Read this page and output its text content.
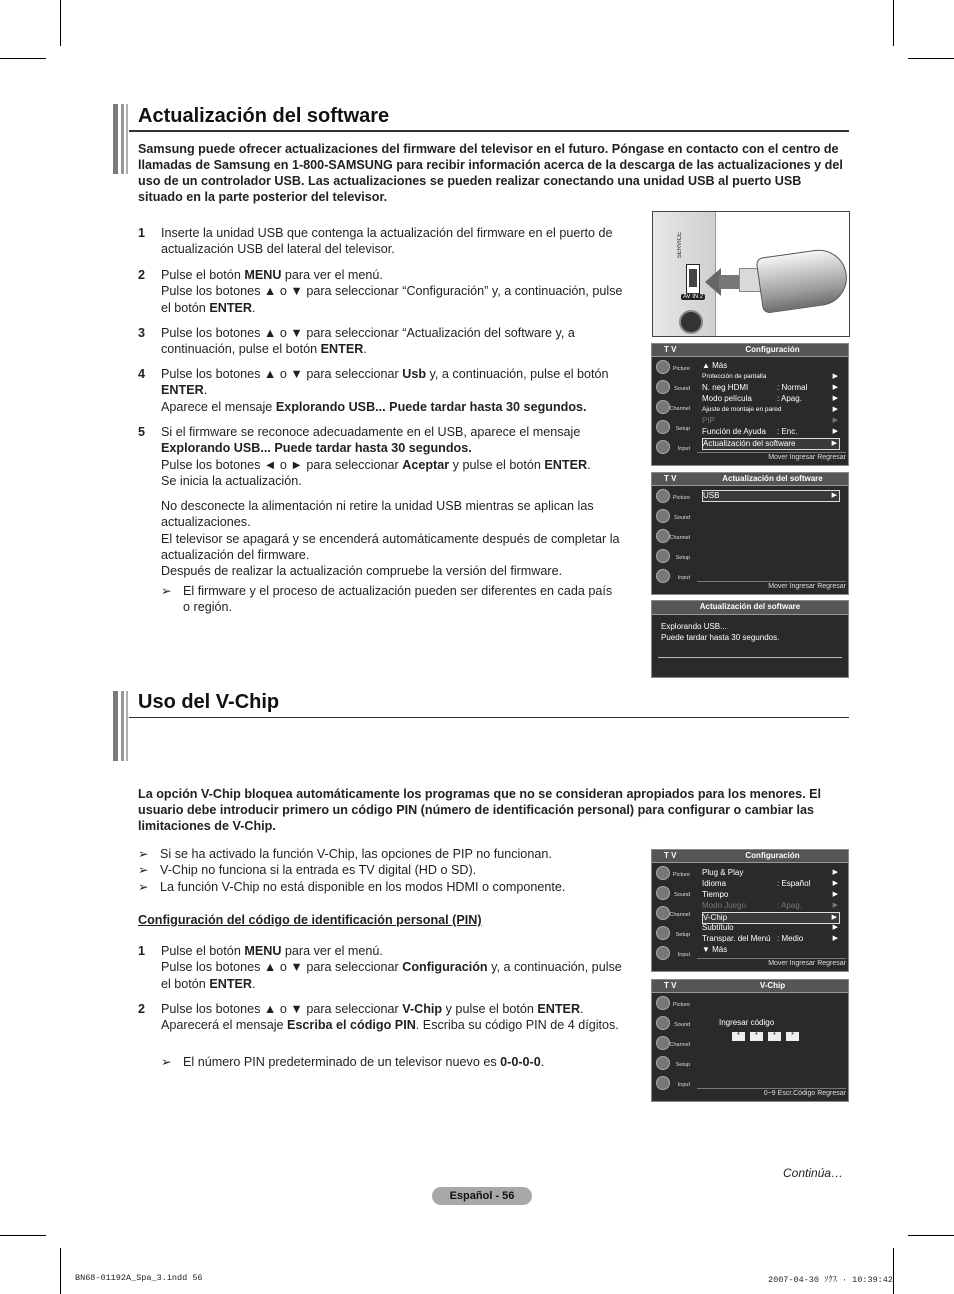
Actualización del software
Samsung puede ofrecer actualizaciones del firmware del televisor en el futuro. Póngase en contacto con el centro de llamadas de Samsung en 1-800-SAMSUNG para recibir información acerca de la descarga de las actualizaciones y del uso de un controlador USB. Las actualizaciones se pueden realizar conectando una unidad USB al puerto USB situado en la parte posterior del televisor.
1 Inserte la unidad USB que contenga la actualización del firmware en el puerto de actualización USB del lateral del televisor.
2 Pulse el botón MENU para ver el menú.
Pulse los botones ▲ o ▼ para seleccionar “Configuración” y, a continuación, pulse el botón ENTER.
3 Pulse los botones ▲ o ▼ para seleccionar “Actualización del software y, a continuación, pulse el botón ENTER.
4 Pulse los botones ▲ o ▼ para seleccionar Usb y, a continuación, pulse el botón ENTER.
Aparece el mensaje Explorando USB... Puede tardar hasta 30 segundos.
5 Si el firmware se reconoce adecuadamente en el USB, aparece el mensaje Explorando USB... Puede tardar hasta 30 segundos.
Pulse los botones ◄ o ► para seleccionar Aceptar y pulse el botón ENTER.
Se inicia la actualización.
No desconecte la alimentación ni retire la unidad USB mientras se aplican las actualizaciones.
El televisor se apagará y se encenderá automáticamente después de completar la actualización del firmware.
Después de realizar la actualización compruebe la versión del firmware.
➢ El firmware y el proceso de actualización pueden ser diferentes en cada país o región.
SERVICE
AV IN 2
T V	Configuración
Picture
Sound
Channel
Setup
Input
▲ Más
Protección de pantalla	▶
N. neg HDMI	: Normal	▶
Modo película	: Apag.	▶
Ajuste de montaje en pared	▶
PIP	▶
Función de Ayuda : Enc.	▶
Actualización del software	▶
Mover Ingresar Regresar
T V	Actualización del software
Picture
Sound
Channel
Setup
Input
USB	▶
Mover Ingresar Regresar
Actualización del software
Explorando USB...
Puede tardar hasta 30 segundos.
Uso del V-Chip
La opción V-Chip bloquea automáticamente los programas que no se consideran apropiados para los menores. El usuario debe introducir primero un código PIN (número de identificación personal) para configurar o cambiar las limitaciones de V-Chip.
➢ Si se ha activado la función V-Chip, las opciones de PIP no funcionan.
➢ V-Chip no funciona si la entrada es TV digital (HD o SD).
➢ La función V-Chip no está disponible en los modos HDMI o componente.
Configuración del código de identificación personal (PIN)
1 Pulse el botón MENU para ver el menú.
Pulse los botones ▲ o ▼ para seleccionar Configuración y, a continuación, pulse el botón ENTER.
2 Pulse los botones ▲ o ▼ para seleccionar V-Chip y pulse el botón ENTER.
Aparecerá el mensaje Escriba el código PIN. Escriba su código PIN de 4 dígitos.
➢ El número PIN predeterminado de un televisor nuevo es 0-0-0-0.
T V	Configuración
Picture
Sound
Channel
Setup
Input
Plug & Play	▶
Idioma	: Español	▶
Tiempo	▶
Modo Juego	: Apag.	▶
V-Chip	▶
Subtítulo	▶
Transpar. del Menú : Medio	▶
▼ Más
Mover Ingresar Regresar
T V	V-Chip
Picture
Sound
Channel
Setup
Input
Ingresar código
*	*	*	*
0~9 Escr.Código Regresar
Continúa…
Español - 56
BN68-01192A_Spa_3.indd 56	2007-04-30 ｿｸｽ · 10:39:42
